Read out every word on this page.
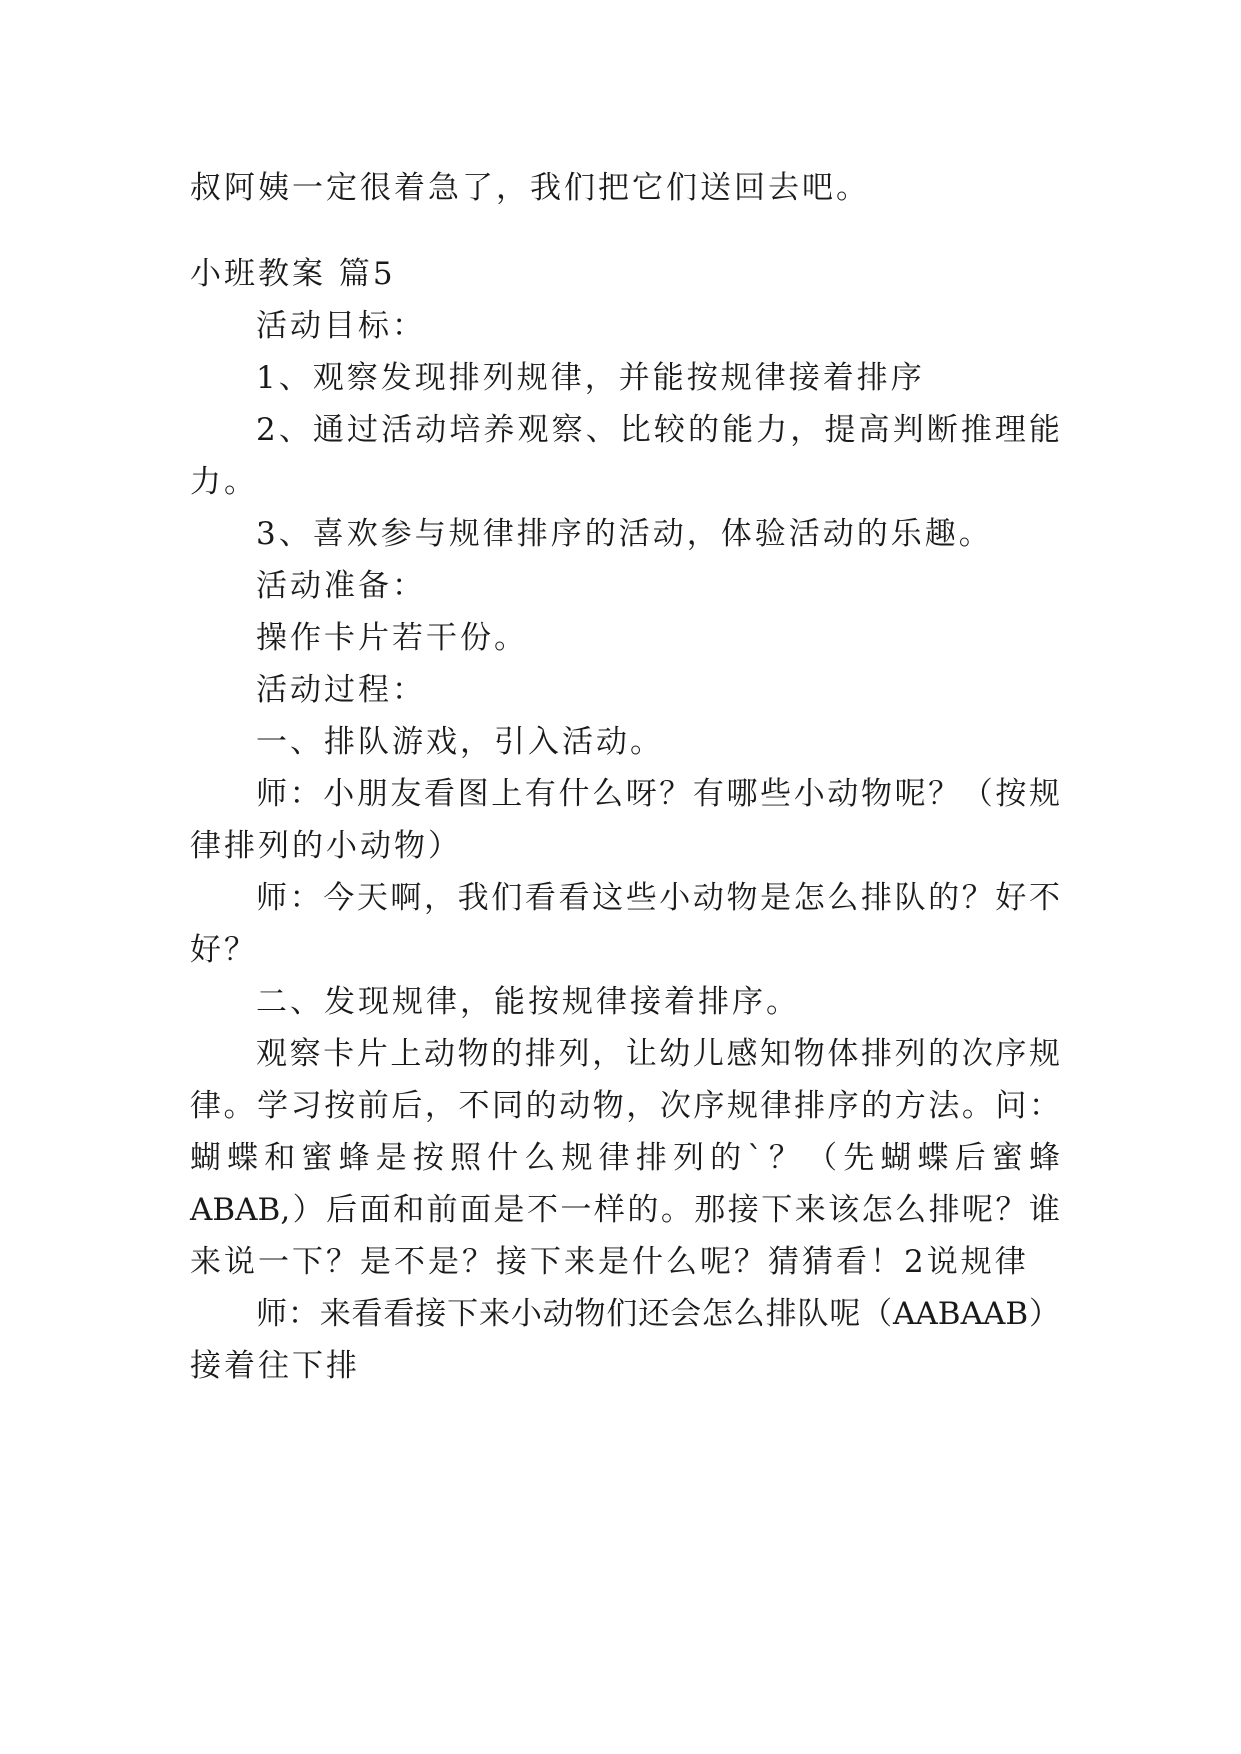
叔阿姨一定很着急了，我们把它们送回去吧。
小班教案 篇5
活动目标：
1、观察发现排列规律，并能按规律接着排序
2、通过活动培养观察、比较的能力，提高判断推理能
力。
3、喜欢参与规律排序的活动，体验活动的乐趣。
活动准备：
操作卡片若干份。
活动过程：
一、排队游戏，引入活动。
师：小朋友看图上有什么呀？有哪些小动物呢？（按规
律排列的小动物）
师：今天啊，我们看看这些小动物是怎么排队的？好不
好？
二、发现规律，能按规律接着排序。
观察卡片上动物的排列，让幼儿感知物体排列的次序规
律。学习按前后，不同的动物，次序规律排序的方法。问：
蝴蝶和蜜蜂是按照什么规律排列的`？（先蝴蝶后蜜蜂
ABAB,）后面和前面是不一样的。那接下来该怎么排呢？谁
来说一下？是不是？接下来是什么呢？猜猜看！2说规律
师：来看看接下来小动物们还会怎么排队呢（AABAAB）
接着往下排
